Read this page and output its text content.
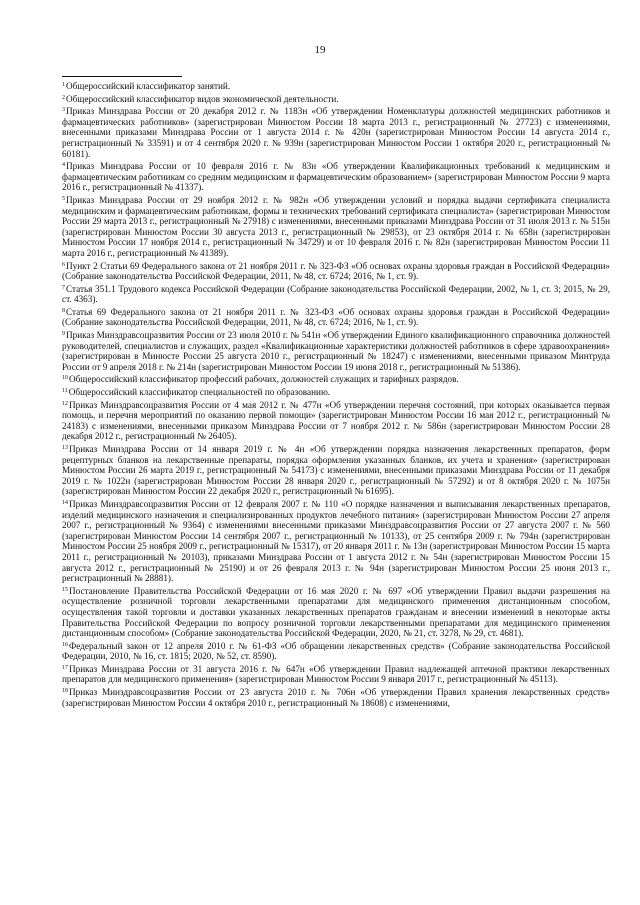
19

$^1$Общероссийский классификатор занятий.

$^2$Общероссийский классификатор видов экономической деятельности.

$^3$Приказ Минздрава России от 20 декабря 2012 г. № 1183н «Об утверждении Номенклатуры должностей медицинских работников и фармацевтических работников» (зарегистрирован Минюстом России 18 марта 2013 г., регистрационный № 27723) с изменениями, внесенными приказами Минздрава России от 1 августа 2014 г. № 420н (зарегистрирован Минюстом России 14 августа 2014 г., регистрационный № 33591) и от 4 сентября 2020 г. № 939н (зарегистрирован Минюстом России 1 октября 2020 г., регистрационный № 60181).

$^4$Приказ Минздрава России от 10 февраля 2016 г. № 83н «Об утверждении Квалификационных требований к медицинским и фармацевтическим работникам со средним медицинским и фармацевтическим образованием» (зарегистрирован Минюстом России 9 марта 2016 г., регистрационный № 41337).

$^5$Приказ Минздрава России от 29 ноября 2012 г. № 982н «Об утверждении условий и порядка выдачи сертификата специалиста медицинским и фармацевтическим работникам, формы и технических требований сертификата специалиста» (зарегистрирован Минюстом России 29 марта 2013 г., регистрационный № 27918) с изменениями, внесенными приказами Минздрава России от 31 июля 2013 г. № 515н (зарегистрирован Минюстом России 30 августа 2013 г., регистрационный № 29853), от 23 октября 2014 г. № 658н (зарегистрирован Минюстом России 17 ноября 2014 г., регистрационный № 34729) и от 10 февраля 2016 г. № 82н (зарегистрирован Минюстом России 11 марта 2016 г., регистрационный № 41389).

$^6$Пункт 2 Статьи 69 Федерального закона от 21 ноября 2011 г. № 323-ФЗ «Об основах охраны здоровья граждан в Российской Федерации» (Собрание законодательства Российской Федерации, 2011, № 48, ст. 6724; 2016, № 1, ст. 9).

$^7$Статья 351.1 Трудового кодекса Российской Федерации (Собрание законодательства Российской Федерации, 2002, № 1, ст. 3; 2015, № 29, ст. 4363).

$^8$Статья 69 Федерального закона от 21 ноября 2011 г. № 323-ФЗ «Об основах охраны здоровья граждан в Российской Федерации» (Собрание законодательства Российской Федерации, 2011, № 48, ст. 6724; 2016, № 1, ст. 9).

$^9$Приказ Минздравсоцразвития России от 23 июля 2010 г. № 541н «Об утверждении Единого квалификационного справочника должностей руководителей, специалистов и служащих, раздел «Квалификационные характеристики должностей работников в сфере здравоохранения» (зарегистрирован в Минюсте России 25 августа 2010 г., регистрационный № 18247) с изменениями, внесенными приказом Минтруда России от 9 апреля 2018 г. № 214н (зарегистрирован Минюстом России 19 июня 2018 г., регистрационный № 51386).

$^{10}$Общероссийский классификатор профессий рабочих, должностей служащих и тарифных разрядов.

$^{11}$Общероссийский классификатор специальностей по образованию.

$^{12}$Приказ Минздравсоцразвития России от 4 мая 2012 г. № 477н «Об утверждении перечня состояний, при которых оказывается первая помощь, и перечня мероприятий по оказанию первой помощи» (зарегистрирован Минюстом России 16 мая 2012 г., регистрационный № 24183) с изменениями, внесенными приказом Минздрава России от 7 ноября 2012 г. № 586н (зарегистрирован Минюстом России 28 декабря 2012 г., регистрационный № 26405).

$^{13}$Приказ Минздрава России от 14 января 2019 г. № 4н «Об утверждении порядка назначения лекарственных препаратов, форм рецептурных бланков на лекарственные препараты, порядка оформления указанных бланков, их учета и хранения» (зарегистрирован Минюстом России 26 марта 2019 г., регистрационный № 54173) с изменениями, внесенными приказами Минздрава России от 11 декабря 2019 г. № 1022н (зарегистрирован Минюстом России 28 января 2020 г., регистрационный № 57292) и от 8 октября 2020 г. № 1075н (зарегистрирован Минюстом России 22 декабря 2020 г., регистрационный № 61695).

$^{14}$Приказ Минздравсоцразвития России от 12 февраля 2007 г. № 110 «О порядке назначения и выписывания лекарственных препаратов, изделий медицинского назначения и специализированных продуктов лечебного питания» (зарегистрирован Минюстом России 27 апреля 2007 г., регистрационный № 9364) с изменениями внесенными приказами Минздравсоцразвития России от 27 августа 2007 г. № 560 (зарегистрирован Минюстом России 14 сентября 2007 г., регистрационный № 10133), от 25 сентября 2009 г. № 794н (зарегистрирован Минюстом России 25 ноября 2009 г., регистрационный № 15317), от 20 января 2011 г. № 13н (зарегистрирован Минюстом России 15 марта 2011 г., регистрационный № 20103), приказами Минздрава России от 1 августа 2012 г. № 54н (зарегистрирован Минюстом России 15 августа 2012 г., регистрационный № 25190) и от 26 февраля 2013 г. № 94н (зарегистрирован Минюстом России 25 июня 2013 г., регистрационный № 28881).

$^{15}$Постановление Правительства Российской Федерации от 16 мая 2020 г. № 697 «Об утверждении Правил выдачи разрешения на осуществление розничной торговли лекарственными препаратами для медицинского применения дистанционным способом, осуществления такой торговли и доставки указанных лекарственных препаратов гражданам и внесении изменений в некоторые акты Правительства Российской Федерации по вопросу розничной торговли лекарственными препаратами для медицинского применения дистанционным способом» (Собрание законодательства Российской Федерации, 2020, № 21, ст. 3278, № 29, ст. 4681).

$^{16}$Федеральный закон от 12 апреля 2010 г. № 61-ФЗ «Об обращении лекарственных средств» (Собрание законодательства Российской Федерации, 2010, № 16, ст. 1815; 2020, № 52, ст. 8590).

$^{17}$Приказ Минздрава России от 31 августа 2016 г. № 647н «Об утверждении Правил надлежащей аптечной практики лекарственных препаратов для медицинского применения» (зарегистрирован Минюстом России 9 января 2017 г., регистрационный № 45113).

$^{18}$Приказ Минздравсоцразвития России от 23 августа 2010 г. № 706н «Об утверждении Правил хранения лекарственных средств» (зарегистрирован Минюстом России 4 октября 2010 г., регистрационный № 18608) с изменениями,
